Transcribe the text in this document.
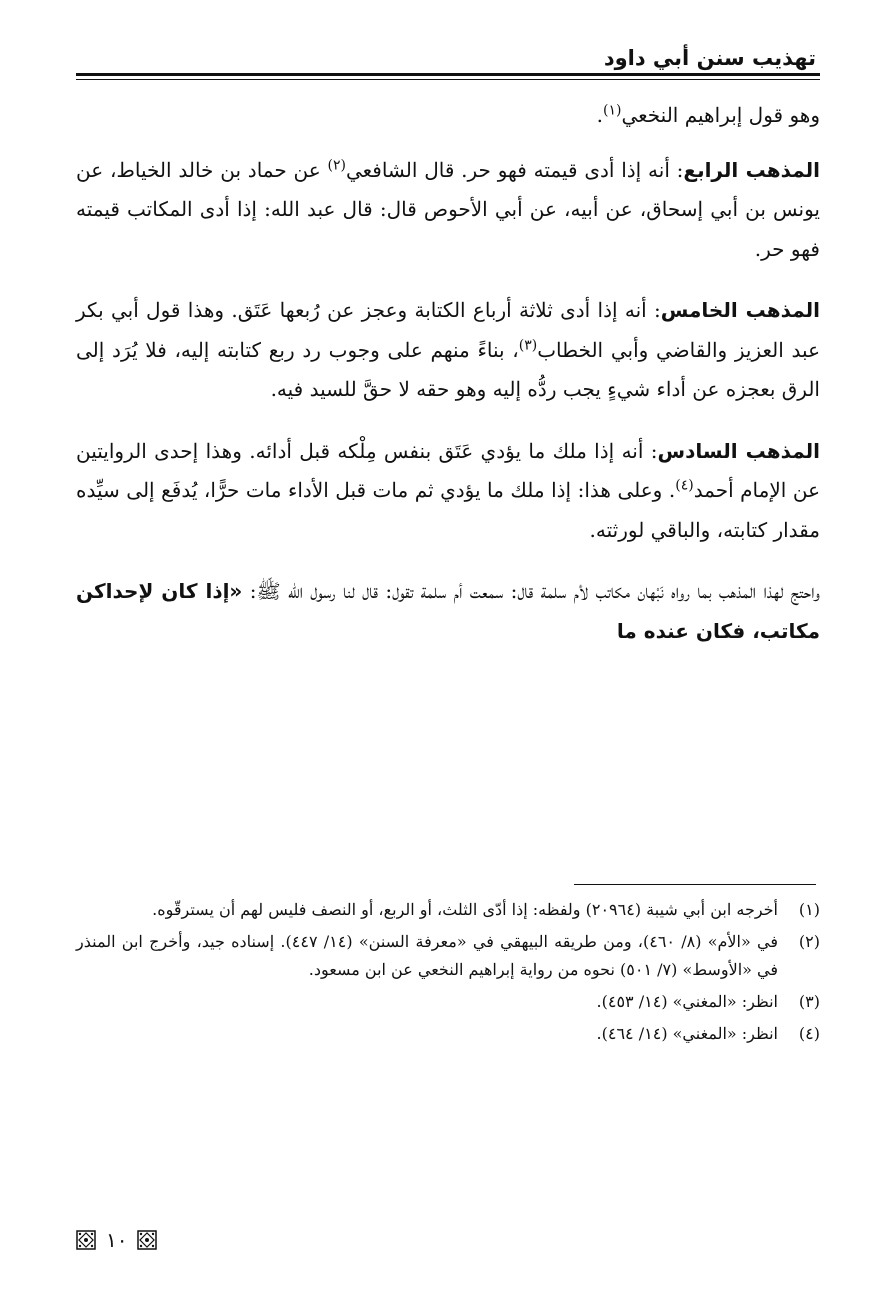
تهذيب سنن أبي داود

وهو قول إبراهيم النخعي$^{(١)}$.

المذهب الرابع: أنه إذا أدى قيمته فهو حر. قال الشافعي$^{(٢)}$ عن حماد بن خالد الخياط، عن يونس بن أبي إسحاق، عن أبيه، عن أبي الأحوص قال: قال عبد الله: إذا أدى المكاتب قيمته فهو حر.

المذهب الخامس: أنه إذا أدى ثلاثة أرباع الكتابة وعجز عن رُبعها عَتَق. وهذا قول أبي بكر عبد العزيز والقاضي وأبي الخطاب$^{(٣)}$، بناءً منهم على وجوب رد ربع كتابته إليه، فلا يُرَد إلى الرق بعجزه عن أداء شيءٍ يجب ردُّه إليه وهو حقه لا حقَّ للسيد فيه.

المذهب السادس: أنه إذا ملك ما يؤدي عَتَق بنفس مِلْكه قبل أدائه. وهذا إحدى الروايتين عن الإمام أحمد$^{(٤)}$. وعلى هذا: إذا ملك ما يؤدي ثم مات قبل الأداء مات حرًّا، يُدفَع إلى سيِّده مقدار كتابته، والباقي لورثته.

واحتج لهذا المذهب بما رواه نَبْهان مكاتب لأم سلمة قال: سمعت أم سلمة تقول: قال لنا رسول الله ﷺ: «إذا كان لإحداكن مكاتب، فكان عنده ما

(١)
أخرجه ابن أبي شيبة (٢٠٩٦٤) ولفظه: إذا أدّى الثلث، أو الربع، أو النصف فليس لهم أن يسترقّوه.
(٢)
في «الأم» (٨/ ٤٦٠)، ومن طريقه البيهقي في «معرفة السنن» (١٤/ ٤٤٧). إسناده جيد، وأخرج ابن المنذر في «الأوسط» (٧/ ٥٠١) نحوه من رواية إبراهيم النخعي عن ابن مسعود.
(٣)
انظر: «المغني» (١٤/ ٤٥٣).
(٤)
انظر: «المغني» (١٤/ ٤٦٤).
١٠
